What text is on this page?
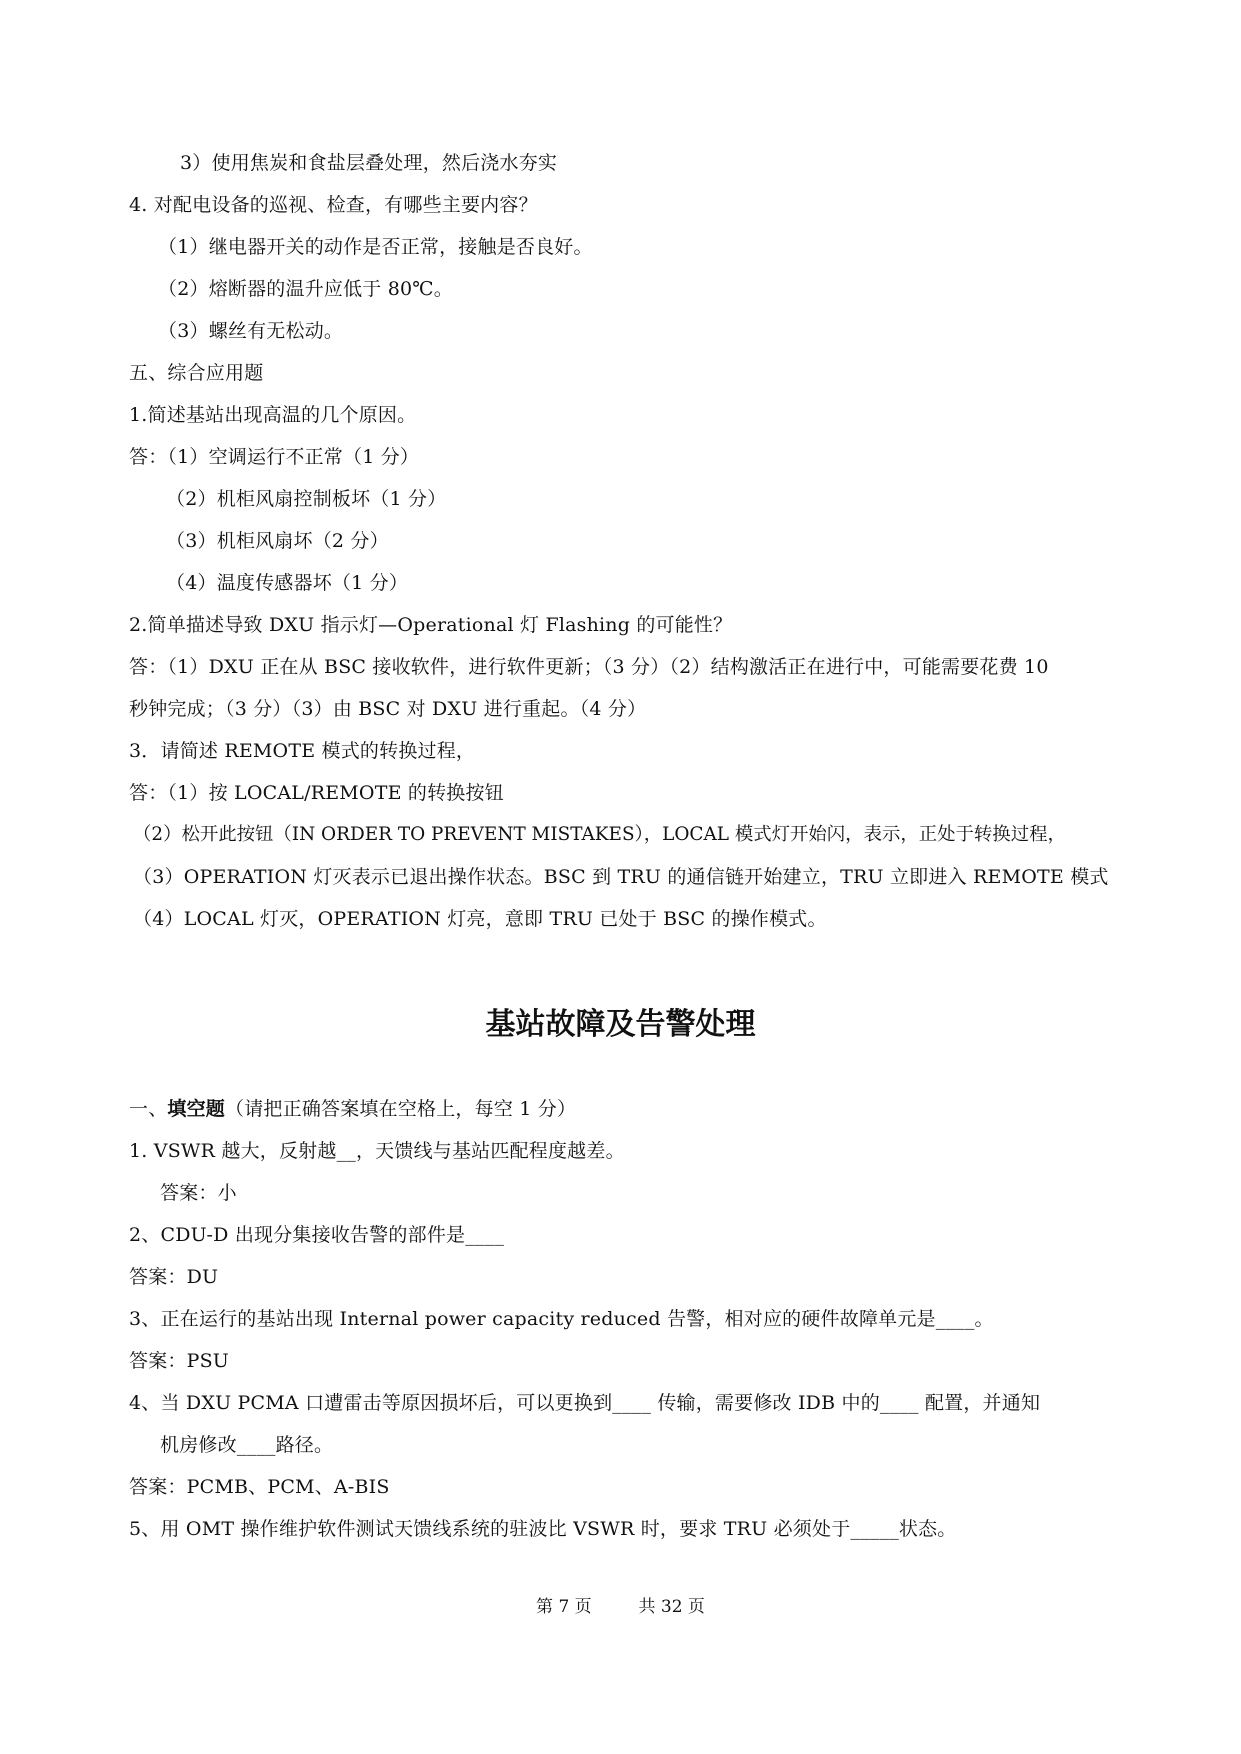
3）使用焦炭和食盐层叠处理，然后浇水夯实
4. 对配电设备的巡视、检查，有哪些主要内容？
（1）继电器开关的动作是否正常，接触是否良好。
（2）熔断器的温升应低于 80℃。
（3）螺丝有无松动。
五、综合应用题
1.简述基站出现高温的几个原因。
答：（1）空调运行不正常（1 分）
（2）机柜风扇控制板坏（1 分）
（3）机柜风扇坏（2 分）
（4）温度传感器坏（1 分）
2.简单描述导致 DXU 指示灯—Operational 灯 Flashing 的可能性？
答：（1）DXU 正在从 BSC 接收软件，进行软件更新；（3 分）（2）结构激活正在进行中，可能需要花费 10
秒钟完成；（3 分）（3）由 BSC 对 DXU 进行重起。（4 分）
3．请简述 REMOTE 模式的转换过程，
答：（1）按 LOCAL/REMOTE 的转换按钮
（2）松开此按钮（IN ORDER TO PREVENT MISTAKES），LOCAL 模式灯开始闪，表示，正处于转换过程，
（3）OPERATION 灯灭表示已退出操作状态。BSC 到 TRU 的通信链开始建立，TRU 立即进入 REMOTE 模式
（4）LOCAL 灯灭，OPERATION 灯亮，意即 TRU 已处于 BSC 的操作模式。
基站故障及告警处理
一、填空题（请把正确答案填在空格上，每空 1 分）
1. VSWR 越大，反射越__，天馈线与基站匹配程度越差。
答案：小
2、CDU-D 出现分集接收告警的部件是____
答案：DU
3、正在运行的基站出现 Internal power capacity reduced 告警，相对应的硬件故障单元是____。
答案：PSU
4、当 DXU PCMA 口遭雷击等原因损坏后，可以更换到____ 传输，需要修改 IDB 中的____ 配置，并通知
机房修改____路径。
答案：PCMB、PCM、A-BIS
5、用 OMT 操作维护软件测试天馈线系统的驻波比 VSWR 时，要求 TRU 必须处于_____状态。
第 7 页	共 32 页
